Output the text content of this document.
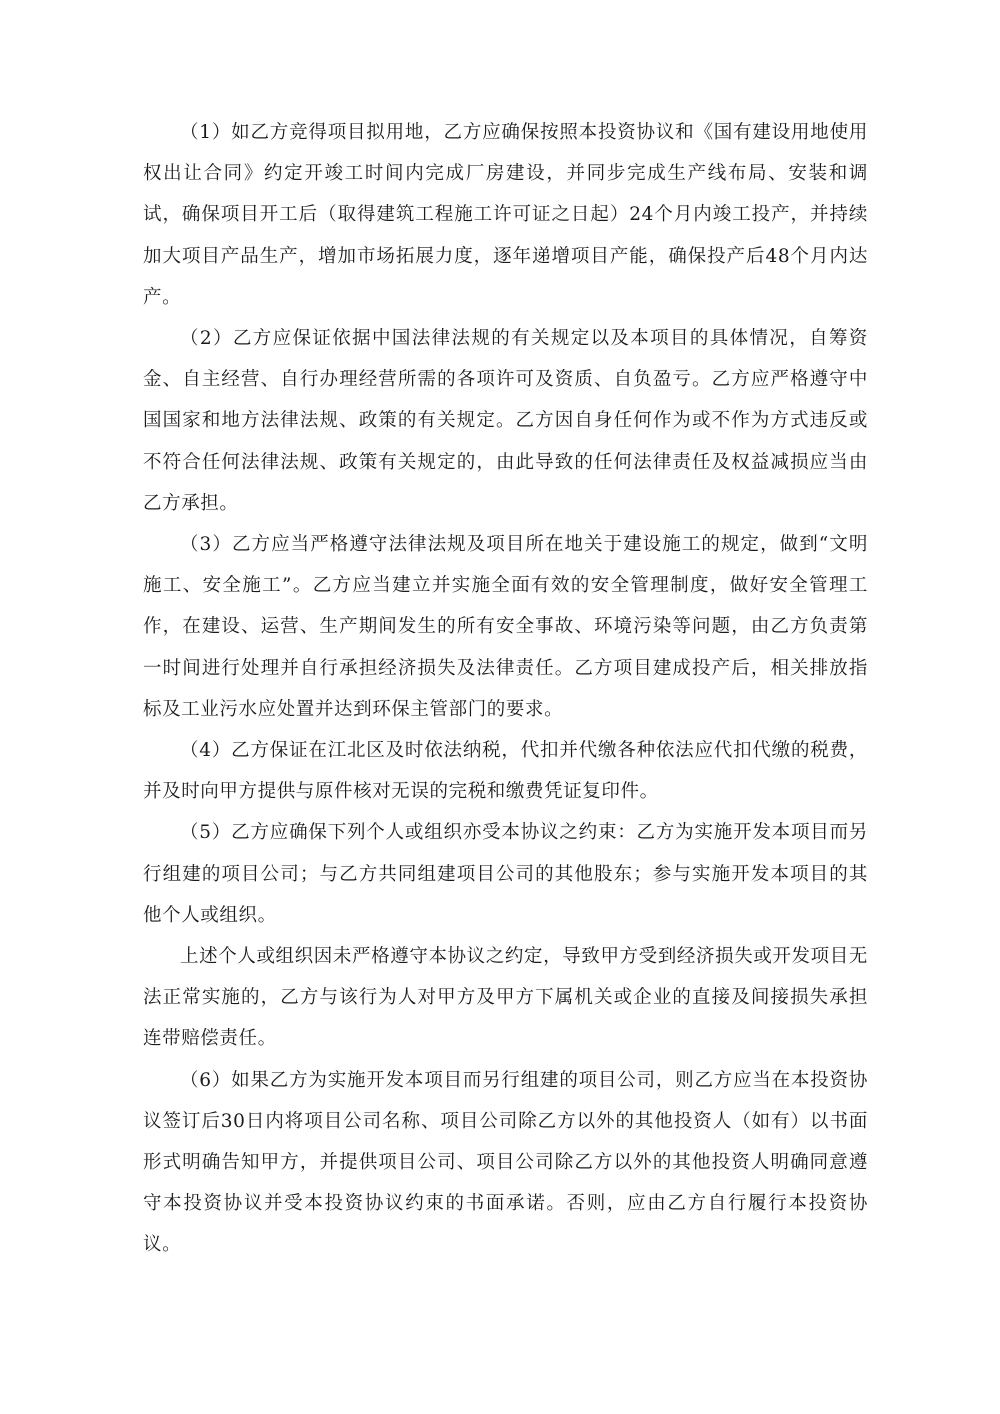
（1）如乙方竞得项目拟用地，乙方应确保按照本投资协议和《国有建设用地使用权出让合同》约定开竣工时间内完成厂房建设，并同步完成生产线布局、安装和调试，确保项目开工后（取得建筑工程施工许可证之日起）24个月内竣工投产，并持续加大项目产品生产，增加市场拓展力度，逐年递增项目产能，确保投产后48个月内达产。

（2）乙方应保证依据中国法律法规的有关规定以及本项目的具体情况，自筹资金、自主经营、自行办理经营所需的各项许可及资质、自负盈亏。乙方应严格遵守中国国家和地方法律法规、政策的有关规定。乙方因自身任何作为或不作为方式违反或不符合任何法律法规、政策有关规定的，由此导致的任何法律责任及权益减损应当由乙方承担。

（3）乙方应当严格遵守法律法规及项目所在地关于建设施工的规定，做到“文明施工、安全施工”。乙方应当建立并实施全面有效的安全管理制度，做好安全管理工作，在建设、运营、生产期间发生的所有安全事故、环境污染等问题，由乙方负责第一时间进行处理并自行承担经济损失及法律责任。乙方项目建成投产后，相关排放指标及工业污水应处置并达到环保主管部门的要求。

（4）乙方保证在江北区及时依法纳税，代扣并代缴各种依法应代扣代缴的税费，并及时向甲方提供与原件核对无误的完税和缴费凭证复印件。

（5）乙方应确保下列个人或组织亦受本协议之约束：乙方为实施开发本项目而另行组建的项目公司；与乙方共同组建项目公司的其他股东；参与实施开发本项目的其他个人或组织。

上述个人或组织因未严格遵守本协议之约定，导致甲方受到经济损失或开发项目无法正常实施的，乙方与该行为人对甲方及甲方下属机关或企业的直接及间接损失承担连带赔偿责任。

（6）如果乙方为实施开发本项目而另行组建的项目公司，则乙方应当在本投资协议签订后30日内将项目公司名称、项目公司除乙方以外的其他投资人（如有）以书面形式明确告知甲方，并提供项目公司、项目公司除乙方以外的其他投资人明确同意遵守本投资协议并受本投资协议约束的书面承诺。否则，应由乙方自行履行本投资协议。
